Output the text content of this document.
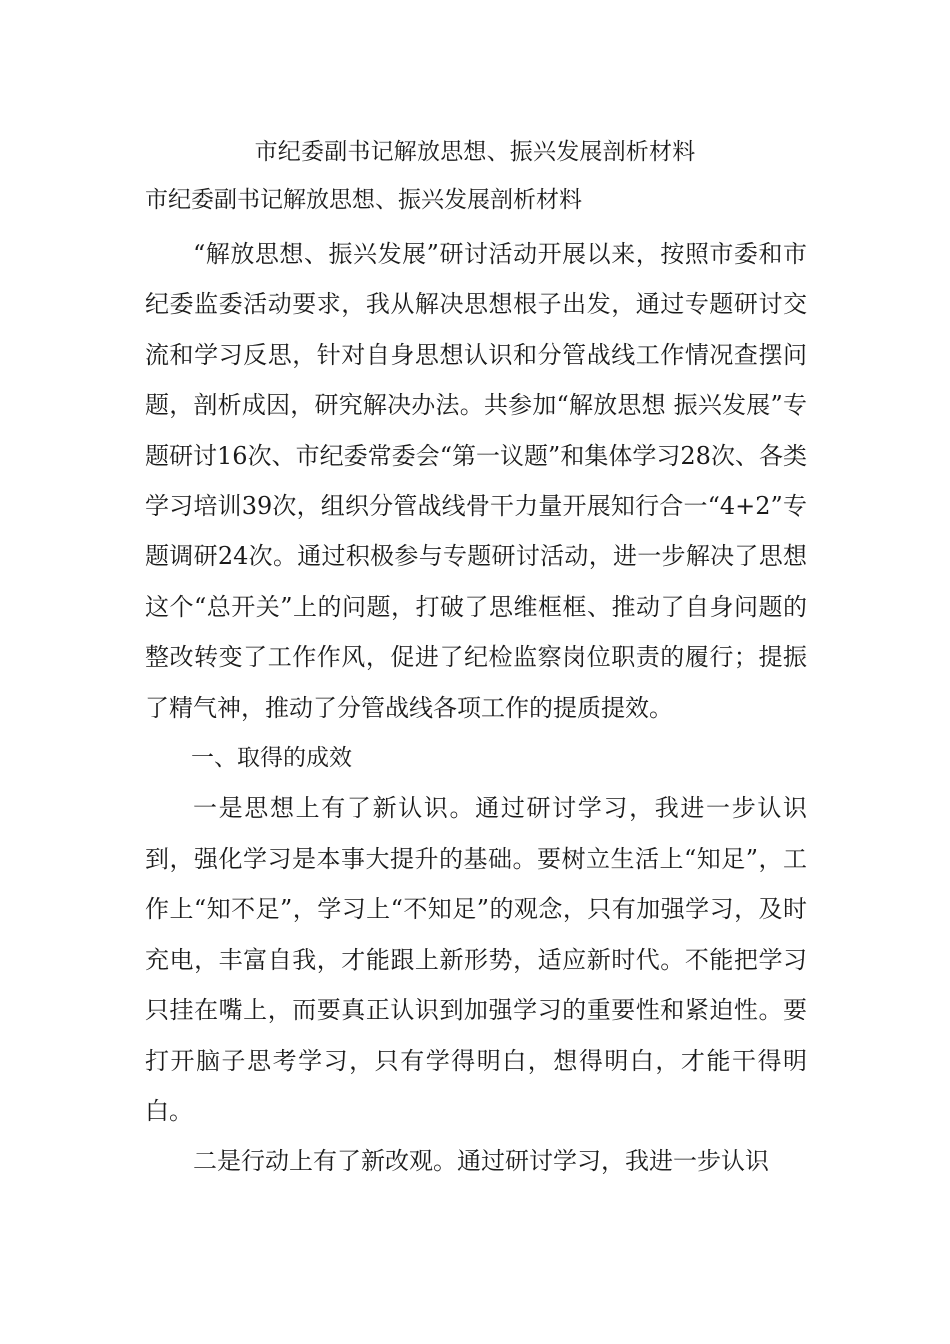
市纪委副书记解放思想、振兴发展剖析材料
市纪委副书记解放思想、振兴发展剖析材料

“解放思想、振兴发展”研讨活动开展以来，按照市委和市纪委监委活动要求，我从解决思想根子出发，通过专题研讨交流和学习反思，针对自身思想认识和分管战线工作情况查摆问题，剖析成因，研究解决办法。共参加“解放思想 振兴发展”专题研讨16次、市纪委常委会“第一议题”和集体学习28次、各类学习培训39次，组织分管战线骨干力量开展知行合一“4+2”专题调研24次。通过积极参与专题研讨活动，进一步解决了思想这个“总开关”上的问题，打破了思维框框、推动了自身问题的整改转变了工作作风，促进了纪检监察岗位职责的履行；提振了精气神，推动了分管战线各项工作的提质提效。

一、取得的成效

一是思想上有了新认识。通过研讨学习，我进一步认识到，强化学习是本事大提升的基础。要树立生活上“知足”，工作上“知不足”，学习上“不知足”的观念，只有加强学习，及时充电，丰富自我，才能跟上新形势，适应新时代。不能把学习只挂在嘴上，而要真正认识到加强学习的重要性和紧迫性。要打开脑子思考学习，只有学得明白，想得明白，才能干得明白。

二是行动上有了新改观。通过研讨学习，我进一步认识
